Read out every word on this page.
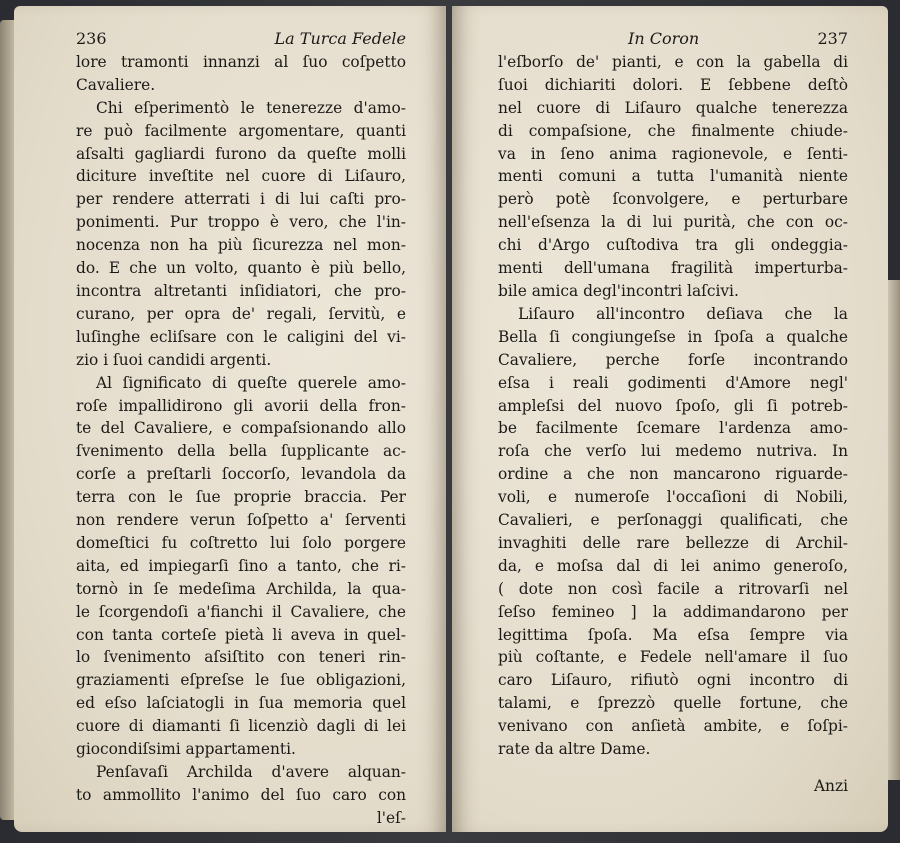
236	La Turca Fedele
lore tramonti innanzi al ſuo coſpetto
Cavaliere.
Chi eſperimentò le tenerezze d'amo-
re può facilmente argomentare, quanti
aſsalti gagliardi furono da queſte molli
diciture inveſtite nel cuore di Liſauro,
per rendere atterrati i di lui caſti pro-
ponimenti. Pur troppo è vero, che l'in-
nocenza non ha più ſicurezza nel mon-
do. E che un volto, quanto è più bello,
incontra altretanti inſidiatori, che pro-
curano, per opra de' regali, ſervitù, e
luſinghe ecliſsare con le caligini del vi-
zio i ſuoi candidi argenti.
Al ſignificato di queſte querele amo-
roſe impallidirono gli avorii della fron-
te del Cavaliere, e compaſsionando allo
ſvenimento della bella ſupplicante ac-
corſe a preſtarli ſoccorſo, levandola da
terra con le ſue proprie braccia. Per
non rendere verun ſoſpetto a' ſerventi
domeſtici fu coſtretto lui ſolo porgere
aita, ed impiegarſi ſino a tanto, che ri-
tornò in ſe medeſima Archilda, la qua-
le ſcorgendoſi a'fianchi il Cavaliere, che
con tanta corteſe pietà li aveva in quel-
lo ſvenimento aſsiſtito con teneri rin-
graziamenti eſpreſse le ſue obligazioni,
ed eſso laſciatogli in ſua memoria quel
cuore di diamanti ſi licenziò dagli di lei
giocondiſsimi appartamenti.
Penſavaſi Archilda d'avere alquan-
to ammollito l'animo del ſuo caro con
l'eſ-
In Coron	237
l'eſborſo de' pianti, e con la gabella di
ſuoi dichiariti dolori. E ſebbene deſtò
nel cuore di Liſauro qualche tenerezza
di compaſsione, che finalmente chiude-
va in ſeno anima ragionevole, e ſenti-
menti comuni a tutta l'umanità niente
però potè ſconvolgere, e perturbare
nell'eſsenza la di lui purità, che con oc-
chi d'Argo cuſtodiva tra gli ondeggia-
menti dell'umana fragilità imperturba-
bile amica degl'incontri laſcivi.
Liſauro all'incontro deſiava che la
Bella ſi congiungeſse in ſpoſa a qualche
Cavaliere, perche forſe incontrando
eſsa i reali godimenti d'Amore negl'
ampleſsi del nuovo ſpoſo, gli ſi potreb-
be facilmente ſcemare l'ardenza amo-
roſa che verſo lui medemo nutriva. In
ordine a che non mancarono riguarde-
voli, e numeroſe l'occaſioni di Nobili,
Cavalieri, e perſonaggi qualificati, che
invaghiti delle rare bellezze di Archil-
da, e moſsa dal di lei animo generoſo,
( dote non così facile a ritrovarſi nel
ſeſso femineo ] la addimandarono per
legittima ſpoſa. Ma eſsa ſempre via
più coſtante, e Fedele nell'amare il ſuo
caro Liſauro, rifiutò ogni incontro di
talami, e ſprezzò quelle fortune, che
venivano con anſietà ambite, e ſoſpi-
rate da altre Dame.
Anzi
